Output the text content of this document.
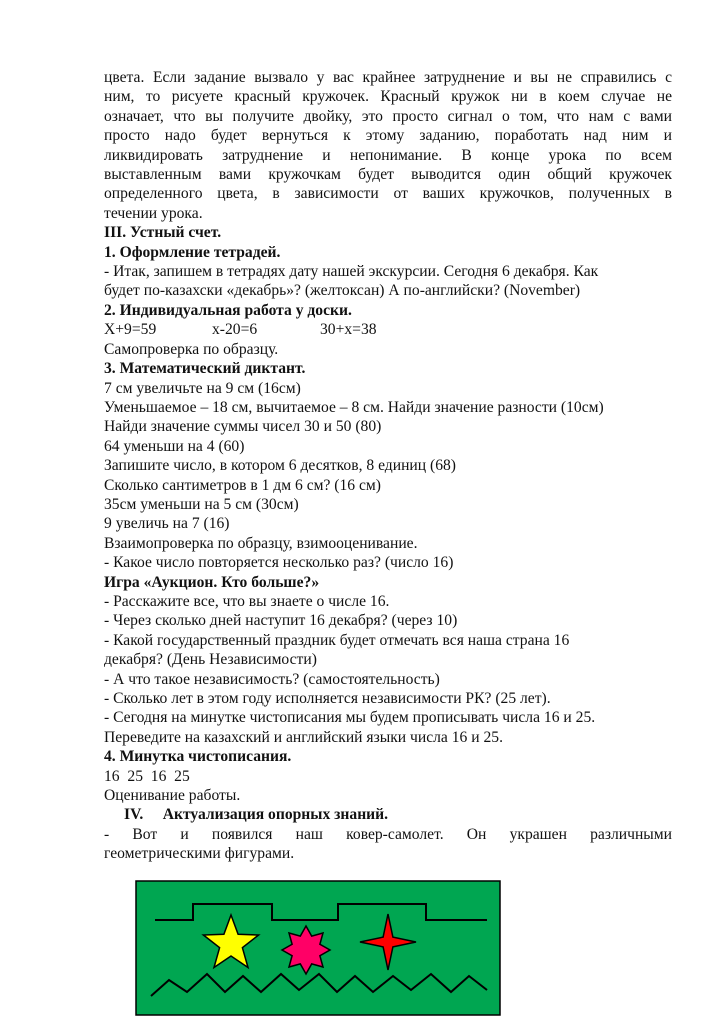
цвета. Если задание вызвало у вас крайнее затруднение и вы не справились с

ним, то рисуете красный кружочек. Красный кружок ни в коем случае не

означает, что вы получите двойку, это просто сигнал о том, что нам с вами

просто надо будет вернуться к этому заданию, поработать над ним и

ликвидировать затруднение и непонимание. В конце урока по всем

выставленным вами кружочкам будет выводится один общий кружочек

определенного цвета, в зависимости от ваших кружочков, полученных в

течении урока.

III. Устный счет.

1. Оформление тетрадей.

- Итак, запишем в тетрадях дату нашей экскурсии. Сегодня 6 декабря. Как

будет по-казахски «декабрь»? (желтоксан) А по-английски? (November)

2. Индивидуальная работа у доски.

Х+9=59	х-20=6	30+х=38

Самопроверка по образцу.

3. Математический диктант.

7 см увеличьте на 9 см (16см)

Уменьшаемое – 18 см, вычитаемое – 8 см. Найди значение разности (10см)

Найди значение суммы чисел 30 и 50 (80)

64 уменьши на 4 (60)

Запишите число, в котором 6 десятков, 8 единиц (68)

Сколько сантиметров в 1 дм 6 см? (16 см)

35см уменьши на 5 см (30см)

9 увеличь на 7 (16)

Взаимопроверка по образцу, взимооценивание.

- Какое число повторяется несколько раз? (число 16)

Игра «Аукцион. Кто больше?»

- Расскажите все, что вы знаете о числе 16.

- Через сколько дней наступит 16 декабря? (через 10)

- Какой государственный праздник будет отмечать вся наша страна 16

декабря? (День Независимости)

- А что такое независимость? (самостоятельность)

- Сколько лет в этом году исполняется независимости РК? (25 лет).

- Сегодня на минутке чистописания мы будем прописывать числа 16 и 25.

Переведите на казахский и английский языки числа 16 и 25.

4. Минутка чистописания.

16  25  16  25

Оценивание работы.

IV.     Актуализация опорных знаний.

- Вот и появился наш ковер-самолет. Он украшен различными

геометрическими фигурами.
